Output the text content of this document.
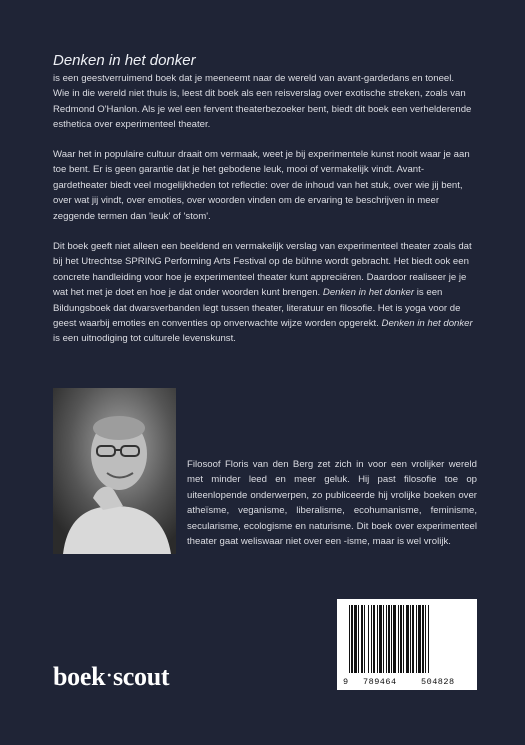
Denken in het donker

is een geestverruimend boek dat je meeneemt naar de wereld van avant-gardedans en toneel. Wie in die wereld niet thuis is, leest dit boek als een reisverslag over exotische streken, zoals van Redmond O'Hanlon. Als je wel een fervent theaterbezoeker bent, biedt dit boek een verhelderende esthetica over experimenteel theater.

Waar het in populaire cultuur draait om vermaak, weet je bij experimentele kunst nooit waar je aan toe bent. Er is geen garantie dat je het gebodene leuk, mooi of vermakelijk vindt. Avant-gardetheater biedt veel mogelijkheden tot reflectie: over de inhoud van het stuk, over wie jij bent, over wat jij vindt, over emoties, over woorden vinden om de ervaring te beschrijven in meer zeggende termen dan 'leuk' of 'stom'.

Dit boek geeft niet alleen een beeldend en vermakelijk verslag van experimenteel theater zoals dat bij het Utrechtse SPRING Performing Arts Festival op de bühne wordt gebracht. Het biedt ook een concrete handleiding voor hoe je experimenteel theater kunt appreciëren. Daardoor realiseer je je wat het met je doet en hoe je dat onder woorden kunt brengen. Denken in het donker is een Bildungsboek dat dwarsverbanden legt tussen theater, literatuur en filosofie. Het is yoga voor de geest waarbij emoties en conventies op onverwachte wijze worden opgerekt. Denken in het donker is een uitnodiging tot culturele levenskunst.

Filosoof Floris van den Berg zet zich in voor een vrolijker wereld met minder leed en meer geluk. Hij past filosofie toe op uiteenlopende onderwerpen, zo publiceerde hij vrolijke boeken over atheïsme, veganisme, liberalisme, ecohumanisme, feminisme, secularisme, ecologisme en naturisme. Dit boek over experimenteel theater gaat weliswaar niet over een -isme, maar is wel vrolijk.

9 789464	504828
boek·scout
